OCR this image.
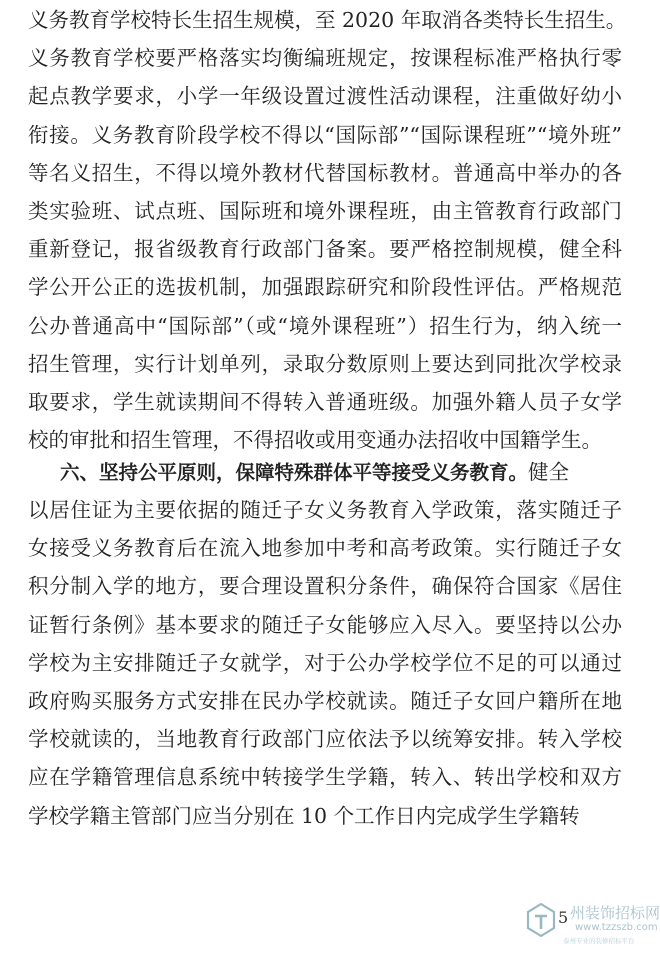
义务教育学校特长生招生规模，至 2020 年取消各类特长生招生。
义务教育学校要严格落实均衡编班规定，按课程标准严格执行零
起点教学要求，小学一年级设置过渡性活动课程，注重做好幼小
衔接。义务教育阶段学校不得以“国际部”“国际课程班”“境外班”
等名义招生，不得以境外教材代替国标教材。普通高中举办的各
类实验班、试点班、国际班和境外课程班，由主管教育行政部门
重新登记，报省级教育行政部门备案。要严格控制规模，健全科
学公开公正的选拔机制，加强跟踪研究和阶段性评估。严格规范
公办普通高中“国际部”（或“境外课程班”）招生行为，纳入统一
招生管理，实行计划单列，录取分数原则上要达到同批次学校录
取要求，学生就读期间不得转入普通班级。加强外籍人员子女学
校的审批和招生管理，不得招收或用变通办法招收中国籍学生。
六、坚持公平原则，保障特殊群体平等接受义务教育。健全
以居住证为主要依据的随迁子女义务教育入学政策，落实随迁子
女接受义务教育后在流入地参加中考和高考政策。实行随迁子女
积分制入学的地方，要合理设置积分条件，确保符合国家《居住
证暂行条例》基本要求的随迁子女能够应入尽入。要坚持以公办
学校为主安排随迁子女就学，对于公办学校学位不足的可以通过
政府购买服务方式安排在民办学校就读。随迁子女回户籍所在地
学校就读的，当地教育行政部门应依法予以统筹安排。转入学校
应在学籍管理信息系统中转接学生学籍，转入、转出学校和双方
学校学籍主管部门应当分别在 10 个工作日内完成学生学籍转
5 州装饰招标网
www.tzzszb.com
泰州专业的装修招标平台
